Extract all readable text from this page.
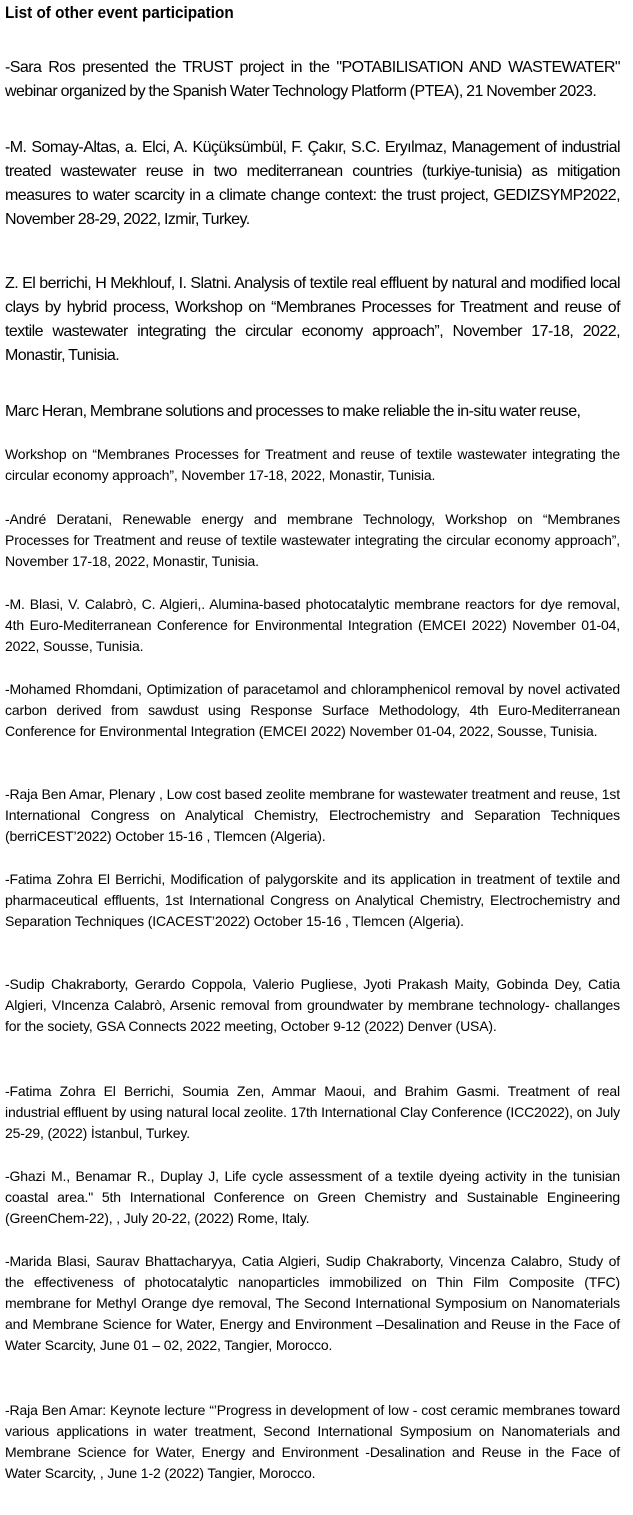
List of other event participation
-Sara Ros presented the TRUST project in the "POTABILISATION AND WASTEWATER" webinar organized by the Spanish Water Technology Platform (PTEA), 21 November 2023.
-M. Somay-Altas, a. Elci, A. Küçüksümbül, F. Çakır, S.C. Eryılmaz, Management of industrial treated wastewater reuse in two mediterranean countries (turkiye-tunisia) as mitigation measures to water scarcity in a climate change context: the trust project, GEDIZSYMP2022, November 28-29, 2022, Izmir, Turkey.
Z. El berrichi, H Mekhlouf, I. Slatni. Analysis of textile real effluent by natural and modified local clays by hybrid process, Workshop on “Membranes Processes for Treatment and reuse of textile wastewater integrating the circular economy approach”, November 17-18, 2022, Monastir, Tunisia.
Marc Heran, Membrane solutions and processes to make reliable the in-situ water reuse,
Workshop on “Membranes Processes for Treatment and reuse of textile wastewater integrating the circular economy approach”, November 17-18, 2022, Monastir, Tunisia.
-André Deratani, Renewable energy and membrane Technology, Workshop on “Membranes Processes for Treatment and reuse of textile wastewater integrating the circular economy approach”, November 17-18, 2022, Monastir, Tunisia.
-M. Blasi, V. Calabrò, C. Algieri,. Alumina-based photocatalytic membrane reactors for dye removal, 4th Euro-Mediterranean Conference for Environmental Integration (EMCEI 2022) November 01-04, 2022, Sousse, Tunisia.
-Mohamed Rhomdani, Optimization of paracetamol and chloramphenicol removal by novel activated carbon derived from sawdust using Response Surface Methodology, 4th Euro-Mediterranean Conference for Environmental Integration (EMCEI 2022) November 01-04, 2022, Sousse, Tunisia.
-Raja Ben Amar, Plenary , Low cost based zeolite membrane for wastewater treatment and reuse, 1st International Congress on Analytical Chemistry, Electrochemistry and Separation Techniques (berriCEST’2022) October 15-16 , Tlemcen (Algeria).
-Fatima Zohra El Berrichi, Modification of palygorskite and its application in treatment of textile and pharmaceutical effluents, 1st International Congress on Analytical Chemistry, Electrochemistry and Separation Techniques (ICACEST’2022) October 15-16 , Tlemcen (Algeria).
-Sudip Chakraborty, Gerardo Coppola, Valerio Pugliese, Jyoti Prakash Maity, Gobinda Dey, Catia Algieri, VIncenza Calabrò, Arsenic removal from groundwater by membrane technology- challanges for the society, GSA Connects 2022 meeting, October 9-12 (2022) Denver (USA).
-Fatima Zohra El Berrichi, Soumia Zen, Ammar Maoui, and Brahim Gasmi. Treatment of real industrial effluent by using natural local zeolite. 17th International Clay Conference (ICC2022), on July 25-29, (2022) İstanbul, Turkey.
-Ghazi M., Benamar R., Duplay J, Life cycle assessment of a textile dyeing activity in the tunisian coastal area." 5th International Conference on Green Chemistry and Sustainable Engineering (GreenChem-22), , July 20-22, (2022) Rome, Italy.
-Marida Blasi, Saurav Bhattacharyya, Catia Algieri, Sudip Chakraborty, Vincenza Calabro, Study of the effectiveness of photocatalytic nanoparticles immobilized on Thin Film Composite (TFC) membrane for Methyl Orange dye removal, The Second International Symposium on Nanomaterials and Membrane Science for Water, Energy and Environment –Desalination and Reuse in the Face of Water Scarcity, June 01 – 02, 2022, Tangier, Morocco.
-Raja Ben Amar: Keynote lecture “’Progress in development of low - cost ceramic membranes toward various applications in water treatment, Second International Symposium on Nanomaterials and Membrane Science for Water, Energy and Environment -Desalination and Reuse in the Face of Water Scarcity, , June 1-2 (2022) Tangier, Morocco.
